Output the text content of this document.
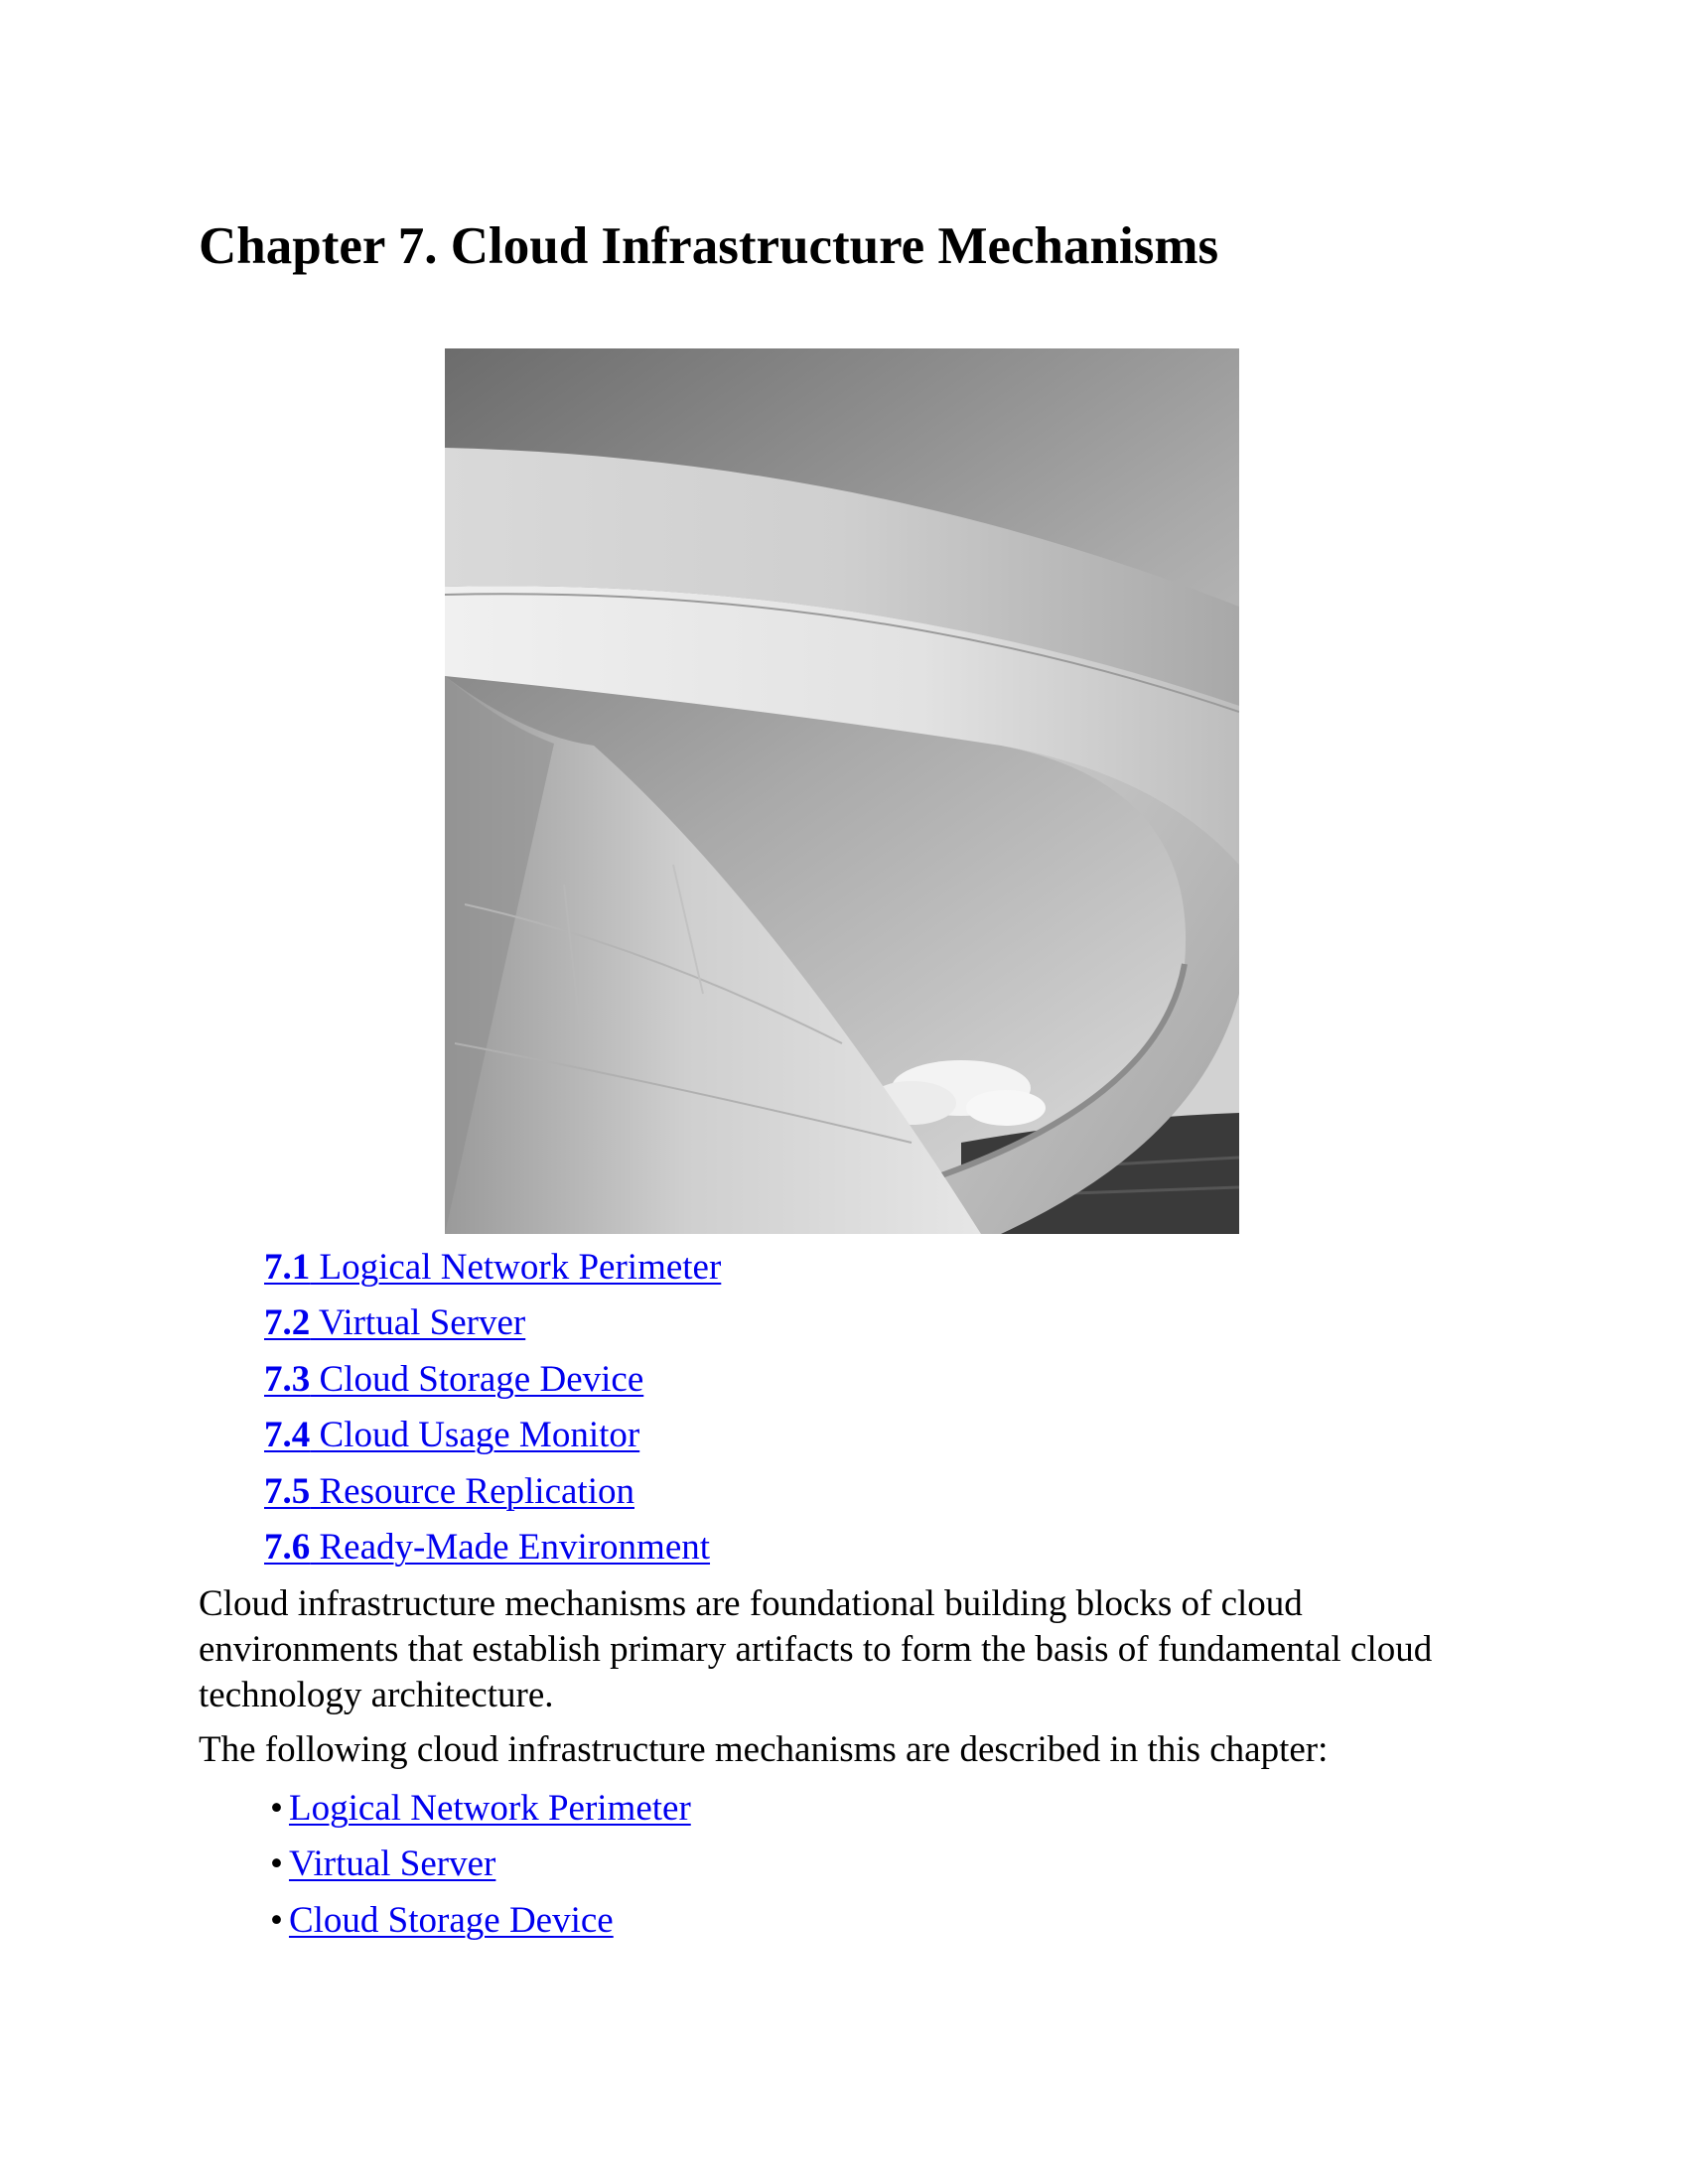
Chapter 7. Cloud Infrastructure Mechanisms
7.1 Logical Network Perimeter
7.2 Virtual Server
7.3 Cloud Storage Device
7.4 Cloud Usage Monitor
7.5 Resource Replication
7.6 Ready-Made Environment

Cloud infrastructure mechanisms are foundational building blocks of cloud environments that establish primary artifacts to form the basis of fundamental cloud technology architecture.

The following cloud infrastructure mechanisms are described in this chapter:

• Logical Network Perimeter
• Virtual Server
• Cloud Storage Device
